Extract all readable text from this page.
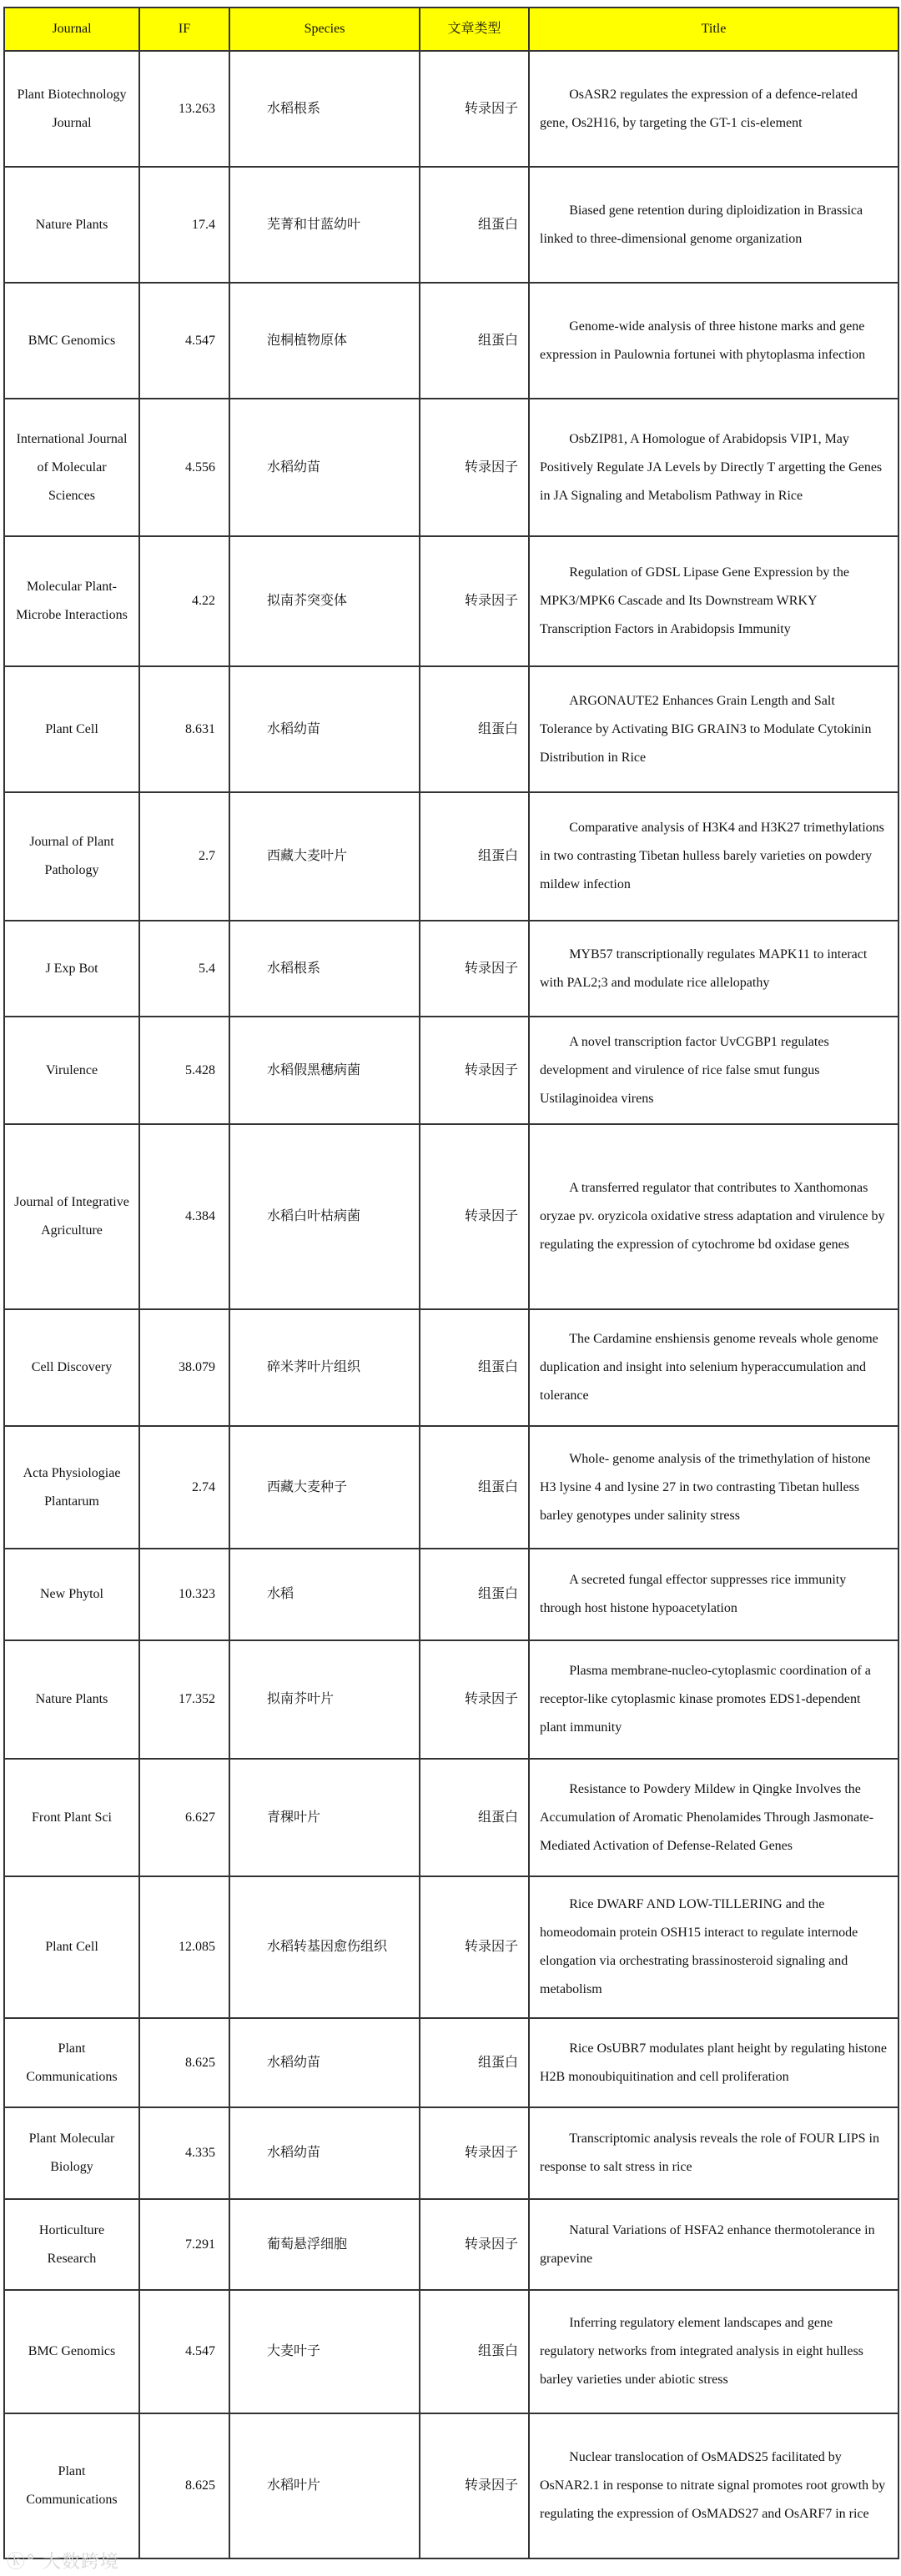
Journal	IF	Species	文章类型	Title
Plant Biotechnology Journal	13.263	水稻根系	转录因子	OsASR2 regulates the expression of a defence-related gene, Os2H16, by targeting the GT-1 cis-element
Nature Plants	17.4	芜菁和甘蓝幼叶	组蛋白	Biased gene retention during diploidization in Brassica linked to three-dimensional genome organization
BMC Genomics	4.547	泡桐植物原体	组蛋白	Genome-wide analysis of three histone marks and gene expression in Paulownia fortunei with phytoplasma infection
International Journal of Molecular Sciences	4.556	水稻幼苗	转录因子	OsbZIP81, A Homologue of Arabidopsis VIP1, May Positively Regulate JA Levels by Directly T argetting the Genes in JA Signaling and Metabolism Pathway in Rice
Molecular Plant-Microbe Interactions	4.22	拟南芥突变体	转录因子	Regulation of GDSL Lipase Gene Expression by the MPK3/MPK6 Cascade and Its Downstream WRKY Transcription Factors in Arabidopsis Immunity
Plant Cell	8.631	水稻幼苗	组蛋白	ARGONAUTE2 Enhances Grain Length and Salt Tolerance by Activating BIG GRAIN3 to Modulate Cytokinin Distribution in Rice
Journal of Plant Pathology	2.7	西藏大麦叶片	组蛋白	Comparative analysis of H3K4 and H3K27 trimethylations in two contrasting Tibetan hulless barely varieties on powdery mildew infection
J Exp Bot	5.4	水稻根系	转录因子	MYB57 transcriptionally regulates MAPK11 to interact with PAL2;3 and modulate rice allelopathy
Virulence	5.428	水稻假黑穗病菌	转录因子	A novel transcription factor UvCGBP1 regulates development and virulence of rice false smut fungus Ustilaginoidea virens
Journal of Integrative Agriculture	4.384	水稻白叶枯病菌	转录因子	A transferred regulator that contributes to Xanthomonas oryzae pv. oryzicola oxidative stress adaptation and virulence by regulating the expression of cytochrome bd oxidase genes
Cell Discovery	38.079	碎米荠叶片组织	组蛋白	The Cardamine enshiensis genome reveals whole genome duplication and insight into selenium hyperaccumulation and tolerance
Acta Physiologiae Plantarum	2.74	西藏大麦种子	组蛋白	Whole- genome analysis of the trimethylation of histone H3 lysine 4 and lysine 27 in two contrasting Tibetan hulless barley genotypes under salinity stress
New Phytol	10.323	水稻	组蛋白	A secreted fungal effector suppresses rice immunity through host histone hypoacetylation
Nature Plants	17.352	拟南芥叶片	转录因子	Plasma membrane-nucleo-cytoplasmic coordination of a receptor-like cytoplasmic kinase promotes EDS1-dependent plant immunity
Front Plant Sci	6.627	青稞叶片	组蛋白	Resistance to Powdery Mildew in Qingke Involves the Accumulation of Aromatic Phenolamides Through Jasmonate-Mediated Activation of Defense-Related Genes
Plant Cell	12.085	水稻转基因愈伤组织	转录因子	Rice DWARF AND LOW-TILLERING and the homeodomain protein OSH15 interact to regulate internode elongation via orchestrating brassinosteroid signaling and metabolism
Plant Communications	8.625	水稻幼苗	组蛋白	Rice OsUBR7 modulates plant height by regulating histone H2B monoubiquitination and cell proliferation
Plant Molecular Biology	4.335	水稻幼苗	转录因子	Transcriptomic analysis reveals the role of FOUR LIPS in response to salt stress in rice
Horticulture Research	7.291	葡萄悬浮细胞	转录因子	Natural Variations of HSFA2 enhance thermotolerance in grapevine
BMC Genomics	4.547	大麦叶子	组蛋白	Inferring regulatory element landscapes and gene regulatory networks from integrated analysis in eight hulless barley varieties under abiotic stress
Plant Communications	8.625	水稻叶片	转录因子	Nuclear translocation of OsMADS25 facilitated by OsNAR2.1 in response to nitrate signal promotes root growth by regulating the expression of OsMADS27 and OsARF7 in rice
ⓚ° 大数跨境
